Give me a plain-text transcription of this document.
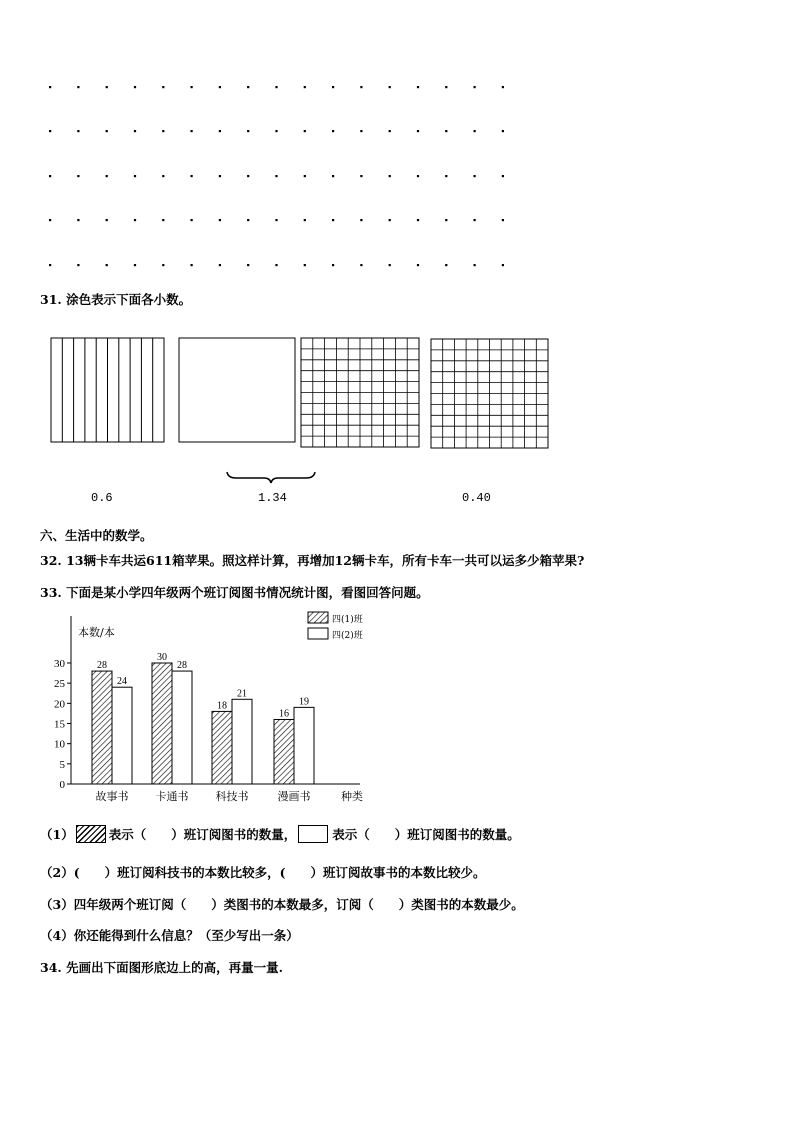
31. 涂色表示下面各小数。
0.6	1.34	0.40
六、生活中的数学。
32. 13辆卡车共运611箱苹果。照这样计算，再增加12辆卡车，所有卡车一共可以运多少箱苹果?
33. 下面是某小学四年级两个班订阅图书情况统计图，看图回答问题。
本数/本
0
5
10
15
20
25
30	28
24
故事书
30
28
卡通书
18
21
科技书
16
19
漫画书	种类
四(1)班
四(2)班
（1）	表示（　　）班订阅图书的数量，	表示（　　）班订阅图书的数量。
（2）(　　）班订阅科技书的本数比较多，(　　）班订阅故事书的本数比较少。
（3）四年级两个班订阅（　　）类图书的本数最多，订阅（　　）类图书的本数最少。
（4）你还能得到什么信息？（至少写出一条）
34. 先画出下面图形底边上的高，再量一量.
